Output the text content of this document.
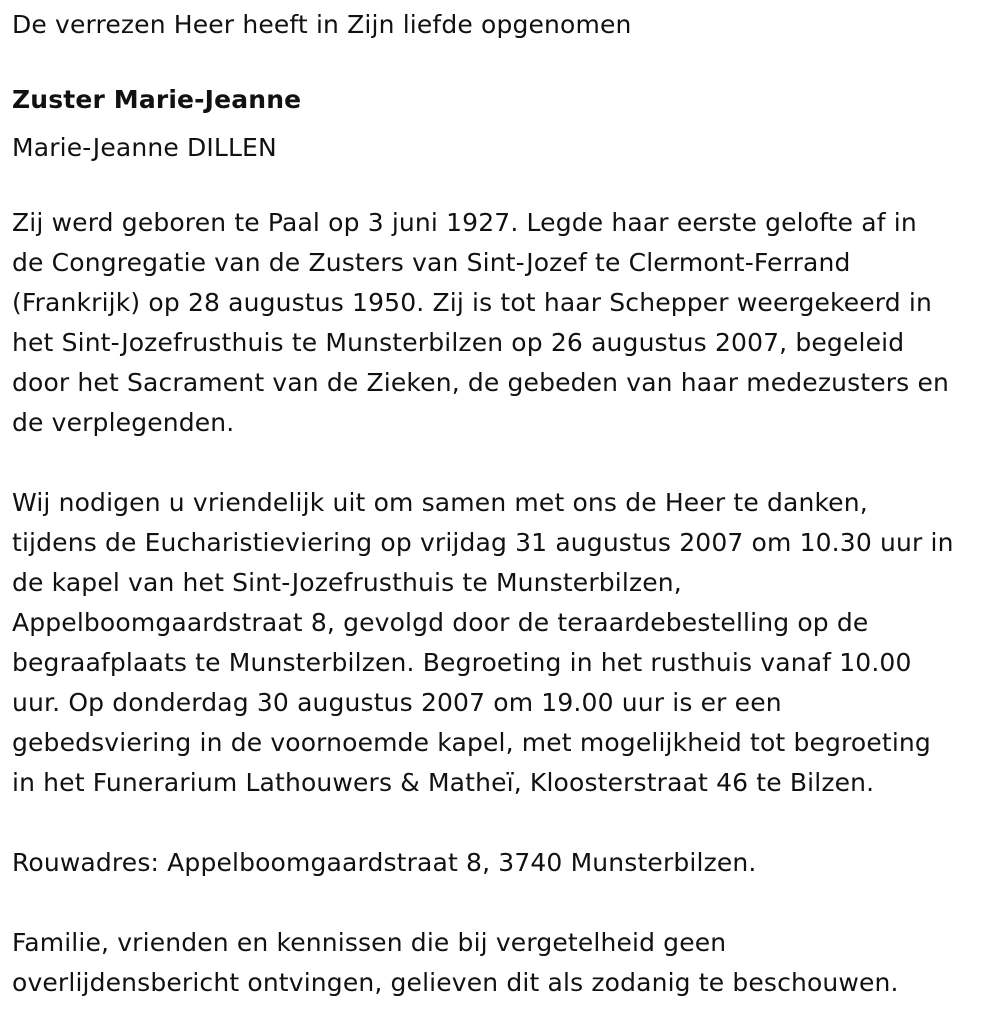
De verrezen Heer heeft in Zijn liefde opgenomen
Zuster Marie-Jeanne
Marie-Jeanne DILLEN
Zij werd geboren te Paal op 3 juni 1927. Legde haar eerste gelofte af in
de Congregatie van de Zusters van Sint-Jozef te Clermont-Ferrand
(Frankrijk) op 28 augustus 1950. Zij is tot haar Schepper weergekeerd in
het Sint-Jozefrusthuis te Munsterbilzen op 26 augustus 2007, begeleid
door het Sacrament van de Zieken, de gebeden van haar medezusters en
de verplegenden.
Wij nodigen u vriendelijk uit om samen met ons de Heer te danken,
tijdens de Eucharistieviering op vrijdag 31 augustus 2007 om 10.30 uur in
de kapel van het Sint-Jozefrusthuis te Munsterbilzen,
Appelboomgaardstraat 8, gevolgd door de teraardebestelling op de
begraafplaats te Munsterbilzen. Begroeting in het rusthuis vanaf 10.00
uur. Op donderdag 30 augustus 2007 om 19.00 uur is er een
gebedsviering in de voornoemde kapel, met mogelijkheid tot begroeting
in het Funerarium Lathouwers & Matheï, Kloosterstraat 46 te Bilzen.
Rouwadres: Appelboomgaardstraat 8, 3740 Munsterbilzen.
Familie, vrienden en kennissen die bij vergetelheid geen
overlijdensbericht ontvingen, gelieven dit als zodanig te beschouwen.
